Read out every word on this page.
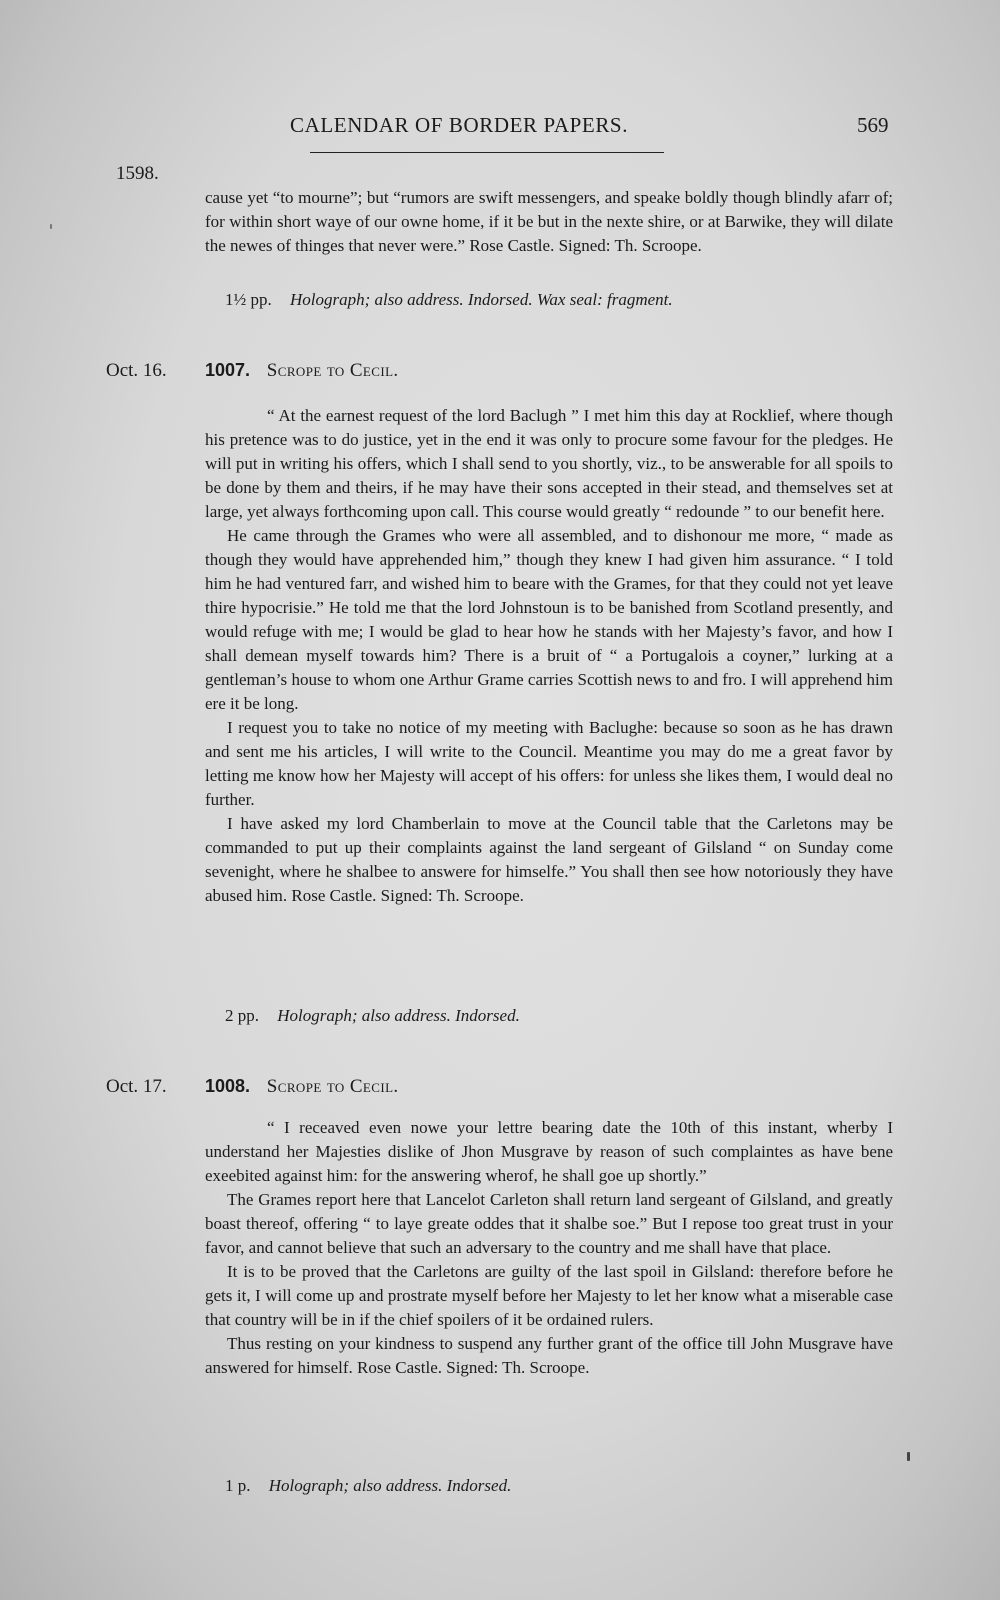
CALENDAR OF BORDER PAPERS.	569
1598.

cause yet “to mourne”; but “rumors are swift messengers, and speake boldly though blindly afarr of; for within short waye of our owne home, if it be but in the nexte shire, or at Barwike, they will dilate the newes of thinges that never were.” Rose Castle. Signed: Th. Scroope.

1½ pp. Holograph; also address. Indorsed. Wax seal: fragment.
Oct. 16. 1007. Scrope to Cecil.

“ At the earnest request of the lord Baclugh ” I met him this day at Rocklief, where though his pretence was to do justice, yet in the end it was only to procure some favour for the pledges. He will put in writing his offers, which I shall send to you shortly, viz., to be answerable for all spoils to be done by them and theirs, if he may have their sons accepted in their stead, and themselves set at large, yet always forthcoming upon call. This course would greatly “ redounde ” to our benefit here.

He came through the Grames who were all assembled, and to dishonour me more, “ made as though they would have apprehended him,” though they knew I had given him assurance. “ I told him he had ventured farr, and wished him to beare with the Grames, for that they could not yet leave thire hypocrisie.” He told me that the lord Johnstoun is to be banished from Scotland presently, and would refuge with me; I would be glad to hear how he stands with her Majesty’s favor, and how I shall demean myself towards him? There is a bruit of “ a Portugalois a coyner,” lurking at a gentleman’s house to whom one Arthur Grame carries Scottish news to and fro. I will apprehend him ere it be long.

I request you to take no notice of my meeting with Baclughe: because so soon as he has drawn and sent me his articles, I will write to the Council. Meantime you may do me a great favor by letting me know how her Majesty will accept of his offers: for unless she likes them, I would deal no further.

I have asked my lord Chamberlain to move at the Council table that the Carletons may be commanded to put up their complaints against the land sergeant of Gilsland “ on Sunday come sevenight, where he shalbee to answere for himselfe.” You shall then see how notoriously they have abused him. Rose Castle. Signed: Th. Scroope.

2 pp. Holograph; also address. Indorsed.
Oct. 17. 1008. Scrope to Cecil.

“ I receaved even nowe your lettre bearing date the 10th of this instant, wherby I understand her Majesties dislike of Jhon Musgrave by reason of such complaintes as have bene exeebited against him: for the answering wherof, he shall goe up shortly.”

The Grames report here that Lancelot Carleton shall return land sergeant of Gilsland, and greatly boast thereof, offering “ to laye greate oddes that it shalbe soe.” But I repose too great trust in your favor, and cannot believe that such an adversary to the country and me shall have that place.

It is to be proved that the Carletons are guilty of the last spoil in Gilsland: therefore before he gets it, I will come up and prostrate myself before her Majesty to let her know what a miserable case that country will be in if the chief spoilers of it be ordained rulers.

Thus resting on your kindness to suspend any further grant of the office till John Musgrave have answered for himself. Rose Castle. Signed: Th. Scroope.

1 p. Holograph; also address. Indorsed.
